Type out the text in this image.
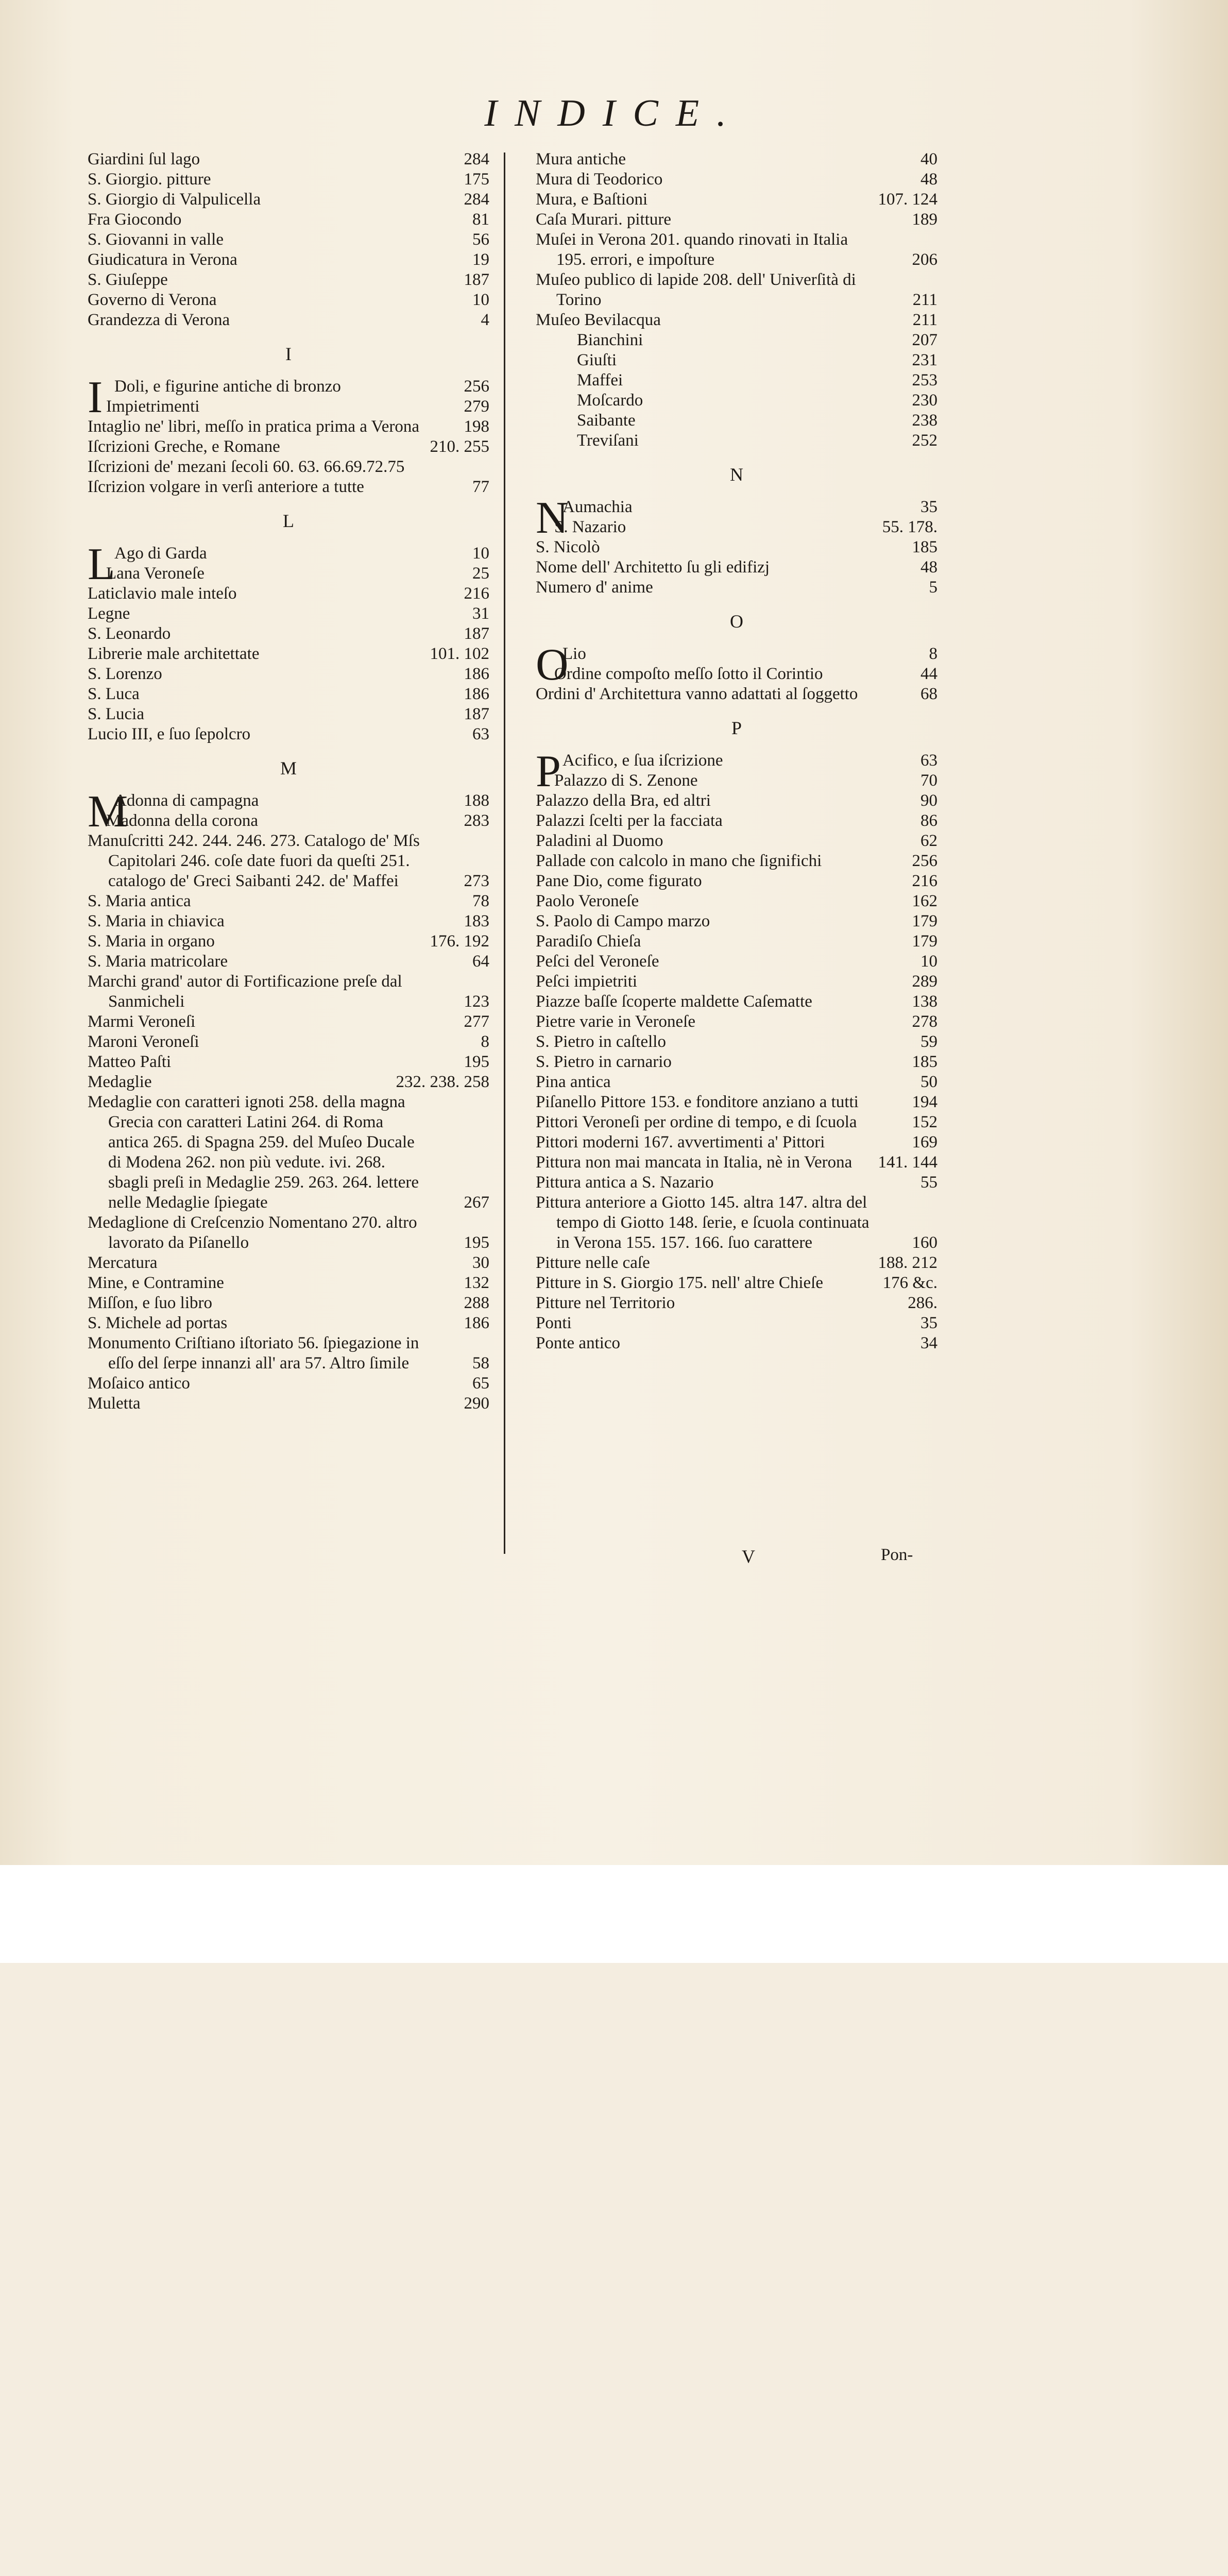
INDICE.
Giardini ſul lago	284
S. Giorgio. pitture	175
S. Giorgio di Valpulicella	284
Fra Giocondo	81
S. Giovanni in valle	56
Giudicatura in Verona	19
S. Giuſeppe	187
Governo di Verona	10
Grandezza di Verona	4
I
I Doli, e figurine antiche di bronzo	256
Impietrimenti	279
Intaglio ne' libri, meſſo in pratica prima a Verona	198
Iſcrizioni Greche, e Romane	210. 255
Iſcrizioni de' mezani ſecoli 60. 63. 66.69.72.75
Iſcrizion volgare in verſi anteriore a tutte	77
L
L
Ago di Garda	10
Lana Veroneſe	25
Laticlavio male inteſo	216
Legne	31
S. Leonardo	187
Librerie male architettate	101. 102
S. Lorenzo	186
S. Luca	186
S. Lucia	187
Lucio III, e ſuo ſepolcro	63
M
M
Adonna di campagna	188
Madonna della corona	283
Manuſcritti 242. 244. 246. 273. Catalogo de' Mſs Capitolari 246. coſe date fuori da queſti 251. catalogo de' Greci Saibanti 242. de' Maffei	273
S. Maria antica	78
S. Maria in chiavica	183
S. Maria in organo	176. 192
S. Maria matricolare	64
Marchi grand' autor di Fortificazione preſe dal Sanmicheli	123
Marmi Veroneſi	277
Maroni Veroneſi	8
Matteo Paſti	195
Medaglie	232. 238. 258
Medaglie con caratteri ignoti 258. della magna Grecia con caratteri Latini 264. di Roma antica 265. di Spagna 259. del Muſeo Ducale di Modena 262. non più vedute. ivi. 268. sbagli preſi in Medaglie 259. 263. 264. lettere nelle Medaglie ſpiegate	267
Medaglione di Creſcenzio Nomentano 270. altro lavorato da Piſanello	195
Mercatura	30
Mine, e Contramine	132
Miſſon, e ſuo libro	288
S. Michele ad portas	186
Monumento Criſtiano iſtoriato 56. ſpiegazione in eſſo del ſerpe innanzi all' ara 57. Altro ſimile	58
Moſaico antico	65
Muletta	290
Mura antiche	40
Mura di Teodorico	48
Mura, e Baſtioni	107. 124
Caſa Murari. pitture	189
Muſei in Verona 201. quando rinovati in Italia 195. errori, e impoſture	206
Muſeo publico di lapide 208. dell' Univerſità di Torino	211
Muſeo Bevilacqua	211
Bianchini	207
Giuſti	231
Maffei	253
Moſcardo	230
Saibante	238
Treviſani	252
N
N
Aumachia	35
S. Nazario	55. 178.
S. Nicolò	185
Nome dell' Architetto ſu gli edifizj	48
Numero d' anime	5
O
O
Lio	8
Ordine compoſto meſſo ſotto il Corintio	44
Ordini d' Architettura vanno adattati al ſoggetto	68
P
P Acifico, e ſua iſcrizione	63
Palazzo di S. Zenone	70
Palazzo della Bra, ed altri	90
Palazzi ſcelti per la facciata	86
Paladini al Duomo	62
Pallade con calcolo in mano che ſignifichi	256
Pane Dio, come figurato	216
Paolo Veroneſe	162
S. Paolo di Campo marzo	179
Paradiſo Chieſa	179
Peſci del Veroneſe	10
Peſci impietriti	289
Piazze baſſe ſcoperte maldette Caſematte	138
Pietre varie in Veroneſe	278
S. Pietro in caſtello	59
S. Pietro in carnario	185
Pina antica	50
Piſanello Pittore 153. e fonditore anziano a tutti	194
Pittori Veroneſi per ordine di tempo, e di ſcuola	152
Pittori moderni 167. avvertimenti a' Pittori	169
Pittura non mai mancata in Italia, nè in Verona	141. 144
Pittura antica a S. Nazario	55
Pittura anteriore a Giotto 145. altra 147. altra del tempo di Giotto 148. ſerie, e ſcuola continuata in Verona 155. 157. 166. ſuo carattere	160
Pitture nelle caſe	188. 212
Pitture in S. Giorgio 175. nell' altre Chieſe	176 &c.
Pitture nel Territorio	286.
Ponti	35
Ponte antico	34
V	Pon-
